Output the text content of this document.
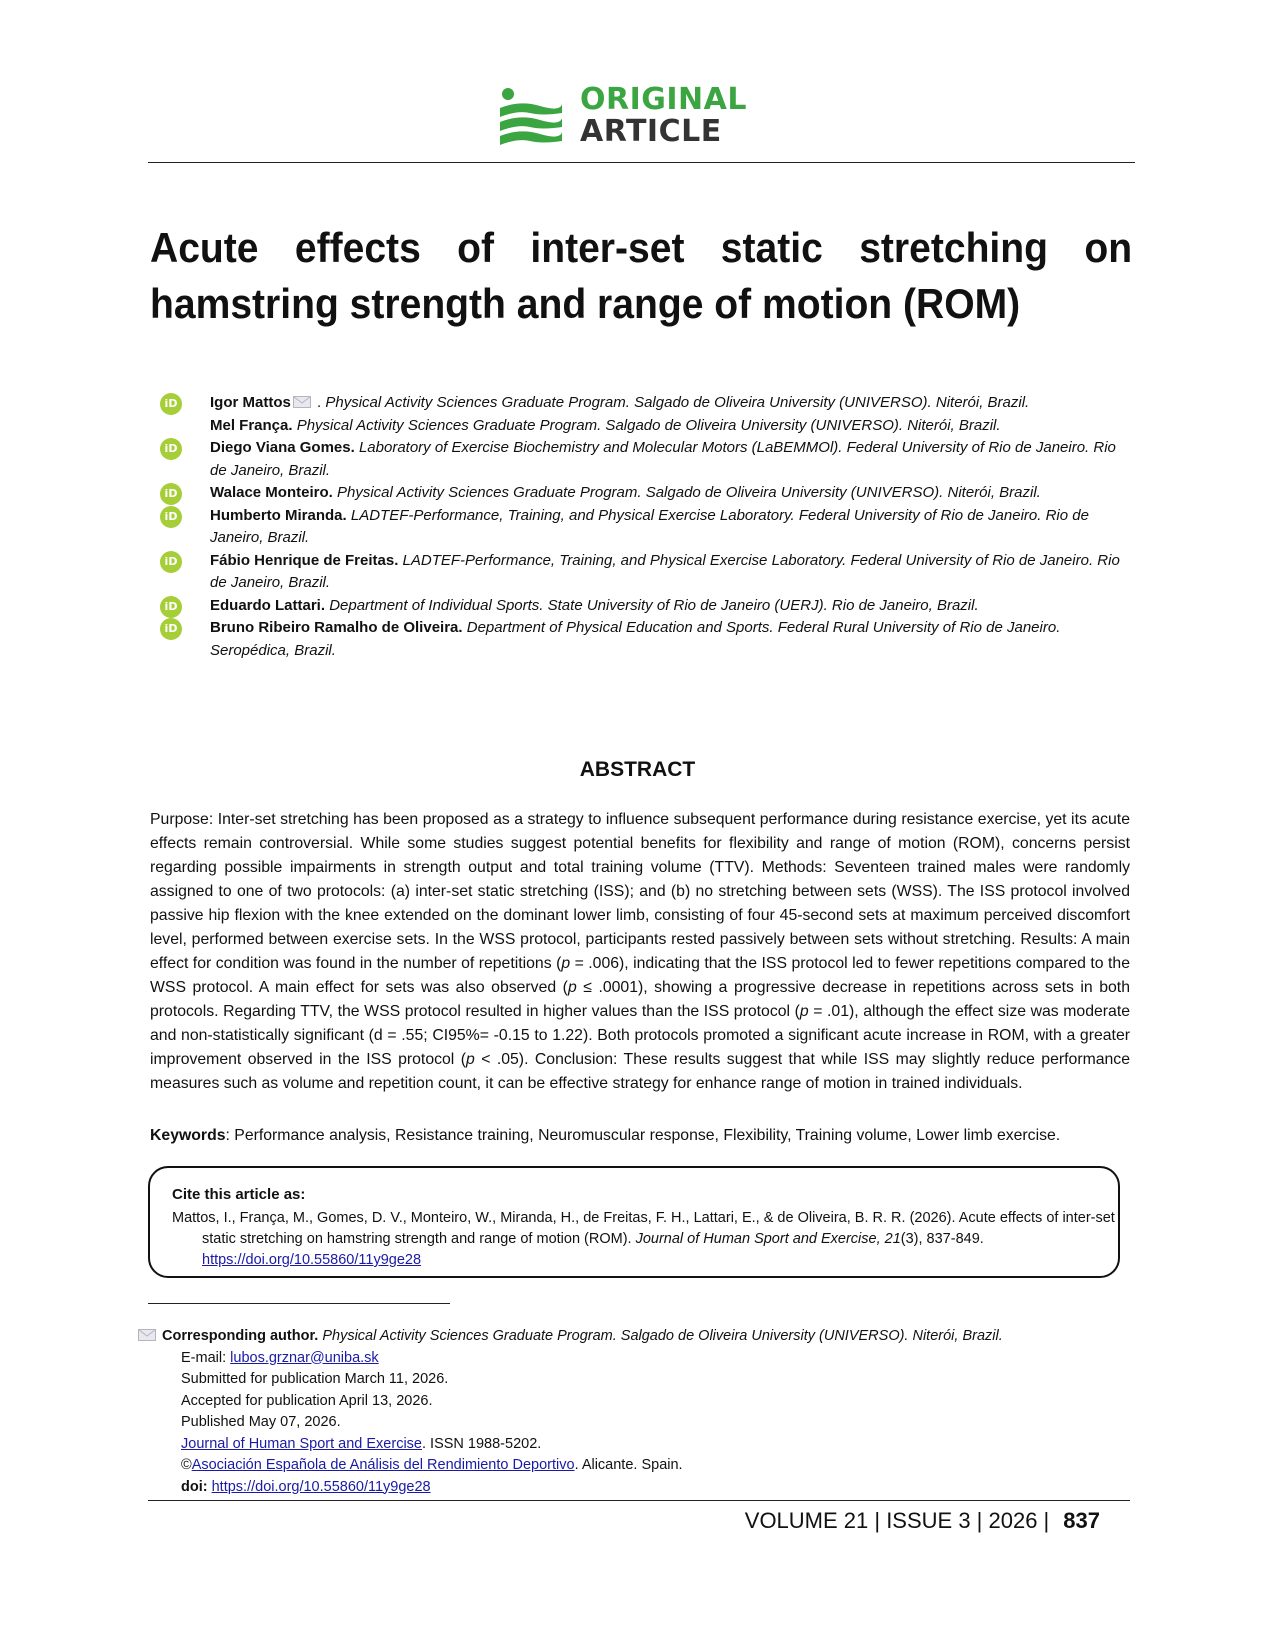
ORIGINAL
ARTICLE
Acute effects of inter-set static stretching on hamstring strength and range of motion (ROM)
iD	Igor Mattos . Physical Activity Sciences Graduate Program. Salgado de Oliveira University (UNIVERSO). Niterói, Brazil.
Mel França. Physical Activity Sciences Graduate Program. Salgado de Oliveira University (UNIVERSO). Niterói, Brazil.
iD	Diego Viana Gomes. Laboratory of Exercise Biochemistry and Molecular Motors (LaBEMMOl). Federal University of Rio de Janeiro. Rio de Janeiro, Brazil.
iD	Walace Monteiro. Physical Activity Sciences Graduate Program. Salgado de Oliveira University (UNIVERSO). Niterói, Brazil.
iD	Humberto Miranda. LADTEF-Performance, Training, and Physical Exercise Laboratory. Federal University of Rio de Janeiro. Rio de Janeiro, Brazil.
iD	Fábio Henrique de Freitas. LADTEF-Performance, Training, and Physical Exercise Laboratory. Federal University of Rio de Janeiro. Rio de Janeiro, Brazil.
iD	Eduardo Lattari. Department of Individual Sports. State University of Rio de Janeiro (UERJ). Rio de Janeiro, Brazil.
iD	Bruno Ribeiro Ramalho de Oliveira. Department of Physical Education and Sports. Federal Rural University of Rio de Janeiro. Seropédica, Brazil.
ABSTRACT

Purpose: Inter-set stretching has been proposed as a strategy to influence subsequent performance during resistance exercise, yet its acute effects remain controversial. While some studies suggest potential benefits for flexibility and range of motion (ROM), concerns persist regarding possible impairments in strength output and total training volume (TTV). Methods: Seventeen trained males were randomly assigned to one of two protocols: (a) inter-set static stretching (ISS); and (b) no stretching between sets (WSS). The ISS protocol involved passive hip flexion with the knee extended on the dominant lower limb, consisting of four 45-second sets at maximum perceived discomfort level, performed between exercise sets. In the WSS protocol, participants rested passively between sets without stretching. Results: A main effect for condition was found in the number of repetitions (p = .006), indicating that the ISS protocol led to fewer repetitions compared to the WSS protocol. A main effect for sets was also observed (p ≤ .0001), showing a progressive decrease in repetitions across sets in both protocols. Regarding TTV, the WSS protocol resulted in higher values than the ISS protocol (p = .01), although the effect size was moderate and non-statistically significant (d = .55; CI95%= -0.15 to 1.22). Both protocols promoted a significant acute increase in ROM, with a greater improvement observed in the ISS protocol (p < .05). Conclusion: These results suggest that while ISS may slightly reduce performance measures such as volume and repetition count, it can be effective strategy for enhance range of motion in trained individuals.

Keywords: Performance analysis, Resistance training, Neuromuscular response, Flexibility, Training volume, Lower limb exercise.

Cite this article as:
Mattos, I., França, M., Gomes, D. V., Monteiro, W., Miranda, H., de Freitas, F. H., Lattari, E., & de Oliveira, B. R. R. (2026). Acute effects of inter-set static stretching on hamstring strength and range of motion (ROM). Journal of Human Sport and Exercise, 21(3), 837-849.
https://doi.org/10.55860/11y9ge28
Corresponding author. Physical Activity Sciences Graduate Program. Salgado de Oliveira University (UNIVERSO). Niterói, Brazil.
E-mail: lubos.grznar@uniba.sk
Submitted for publication March 11, 2026.
Accepted for publication April 13, 2026.
Published May 07, 2026.
Journal of Human Sport and Exercise. ISSN 1988-5202.
©Asociación Española de Análisis del Rendimiento Deportivo. Alicante. Spain.
doi: https://doi.org/10.55860/11y9ge28
VOLUME 21 | ISSUE 3 | 2026 | 837
